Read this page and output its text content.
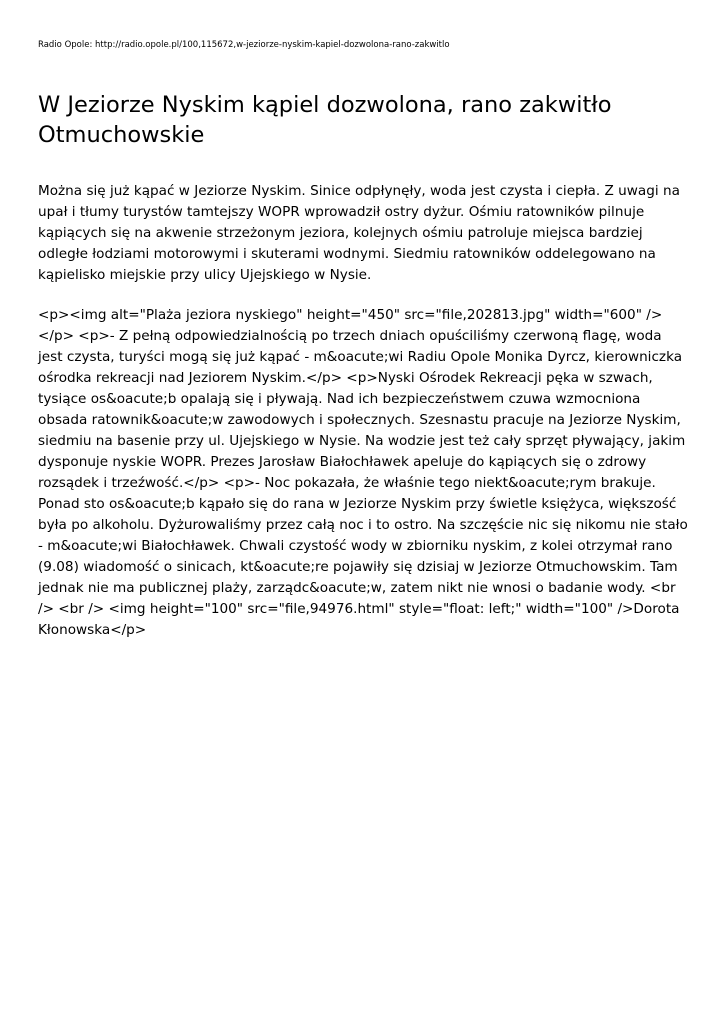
Radio Opole: http://radio.opole.pl/100,115672,w-jeziorze-nyskim-kapiel-dozwolona-rano-zakwitlo
W Jeziorze Nyskim kąpiel dozwolona, rano zakwitło Otmuchowskie

Można się już kąpać w Jeziorze Nyskim. Sinice odpłynęły, woda jest czysta i ciepła. Z uwagi na upał i tłumy turystów tamtejszy WOPR wprowadził ostry dyżur. Ośmiu ratowników pilnuje kąpiących się na akwenie strzeżonym jeziora, kolejnych ośmiu patroluje miejsca bardziej odległe łodziami motorowymi i skuterami wodnymi. Siedmiu ratowników oddelegowano na kąpielisko miejskie przy ulicy Ujejskiego w Nysie.

<p><img alt="Plaża jeziora nyskiego" height="450" src="file,202813.jpg" width="600" /></p> <p>- Z pełną odpowiedzialnością po trzech dniach opuściliśmy czerwoną flagę, woda jest czysta, turyści mogą się już kąpać - m&oacute;wi Radiu Opole Monika Dyrcz, kierowniczka ośrodka rekreacji nad Jeziorem Nyskim.</p> <p>Nyski Ośrodek Rekreacji pęka w szwach, tysiące os&oacute;b opalają się i pływają. Nad ich bezpieczeństwem czuwa wzmocniona obsada ratownik&oacute;w zawodowych i społecznych. Szesnastu pracuje na Jeziorze Nyskim, siedmiu na basenie przy ul. Ujejskiego w Nysie. Na wodzie jest też cały sprzęt pływający, jakim dysponuje nyskie WOPR. Prezes Jarosław Białochławek apeluje do kąpiących się o zdrowy rozsądek i trzeźwość.</p> <p>- Noc pokazała, że właśnie tego niekt&oacute;rym brakuje. Ponad sto os&oacute;b kąpało się do rana w Jeziorze Nyskim przy świetle księżyca, większość była po alkoholu. Dyżurowaliśmy przez całą noc i to ostro. Na szczęście nic się nikomu nie stało - m&oacute;wi Białochławek. Chwali czystość wody w zbiorniku nyskim, z kolei otrzymał rano (9.08) wiadomość o sinicach, kt&oacute;re pojawiły się dzisiaj w Jeziorze Otmuchowskim. Tam jednak nie ma publicznej plaży, zarządc&oacute;w, zatem nikt nie wnosi o badanie wody. <br /> <br /> <img height="100" src="file,94976.html" style="float: left;" width="100" />Dorota Kłonowska</p>
